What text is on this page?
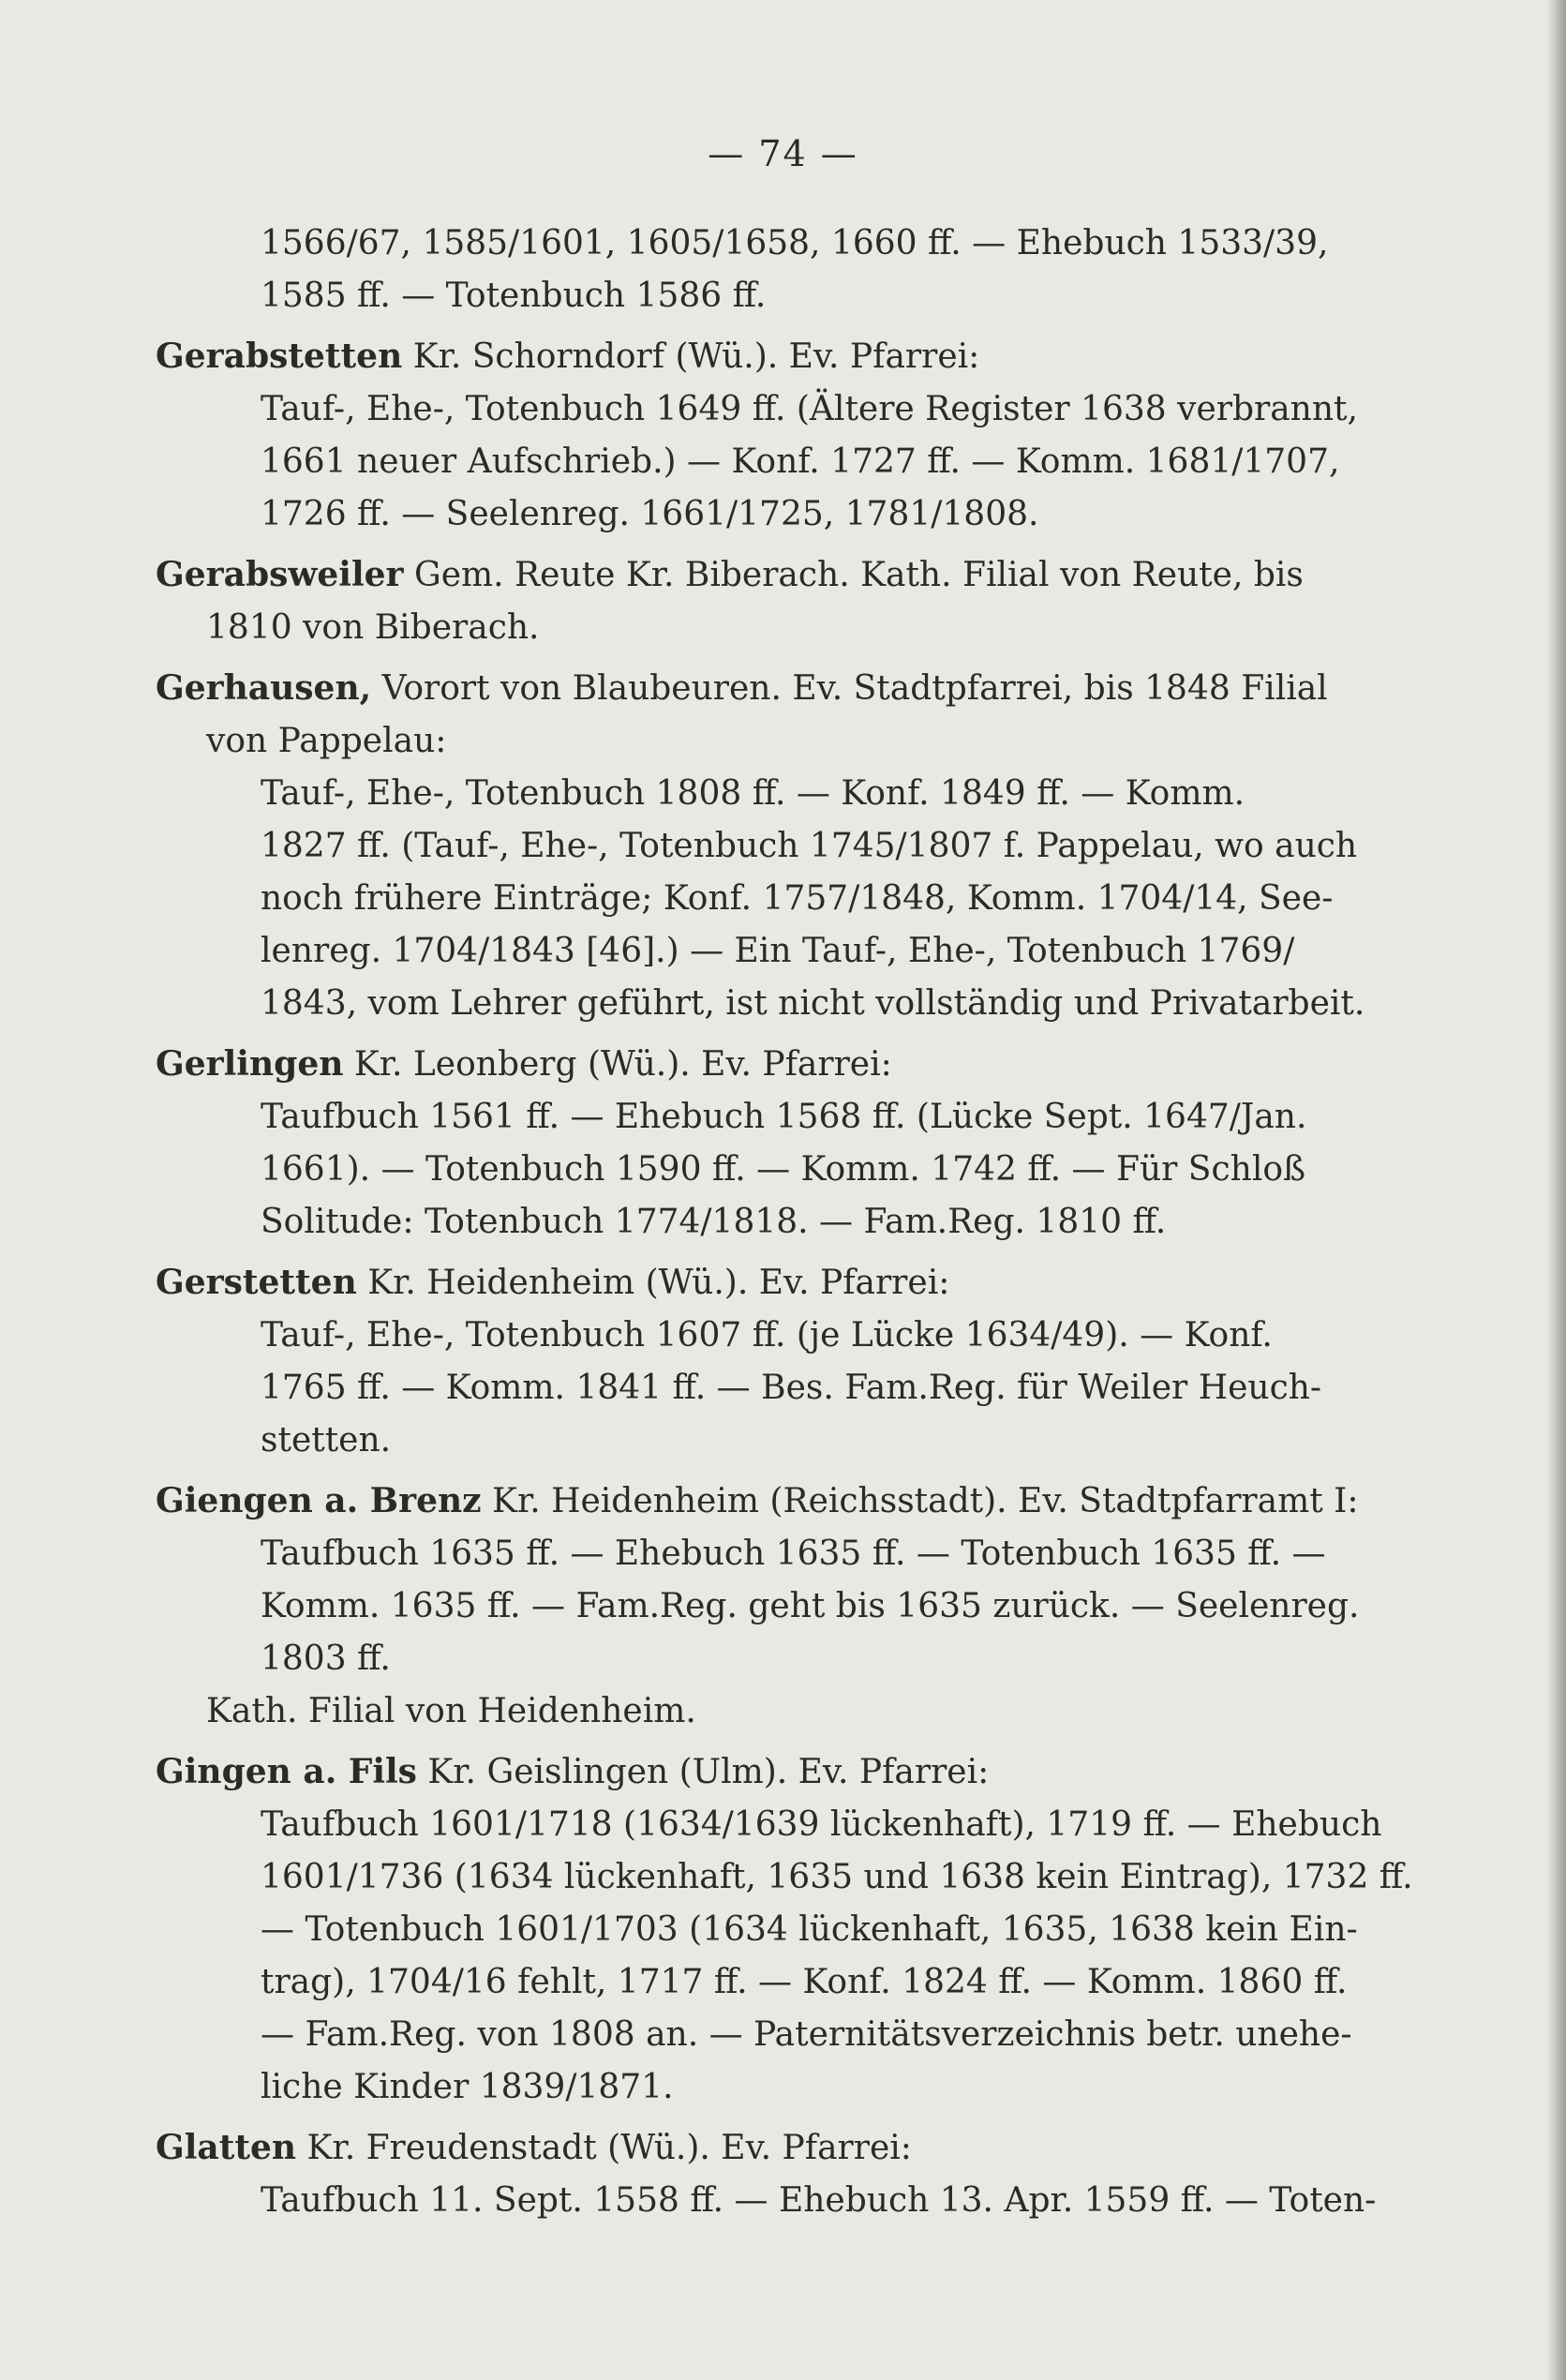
— 74 —
1566/67, 1585/1601, 1605/1658, 1660 ff. — Ehebuch 1533/39,
1585 ff. — Totenbuch 1586 ff.
Gerabstetten Kr. Schorndorf (Wü.). Ev. Pfarrei:
Tauf-, Ehe-, Totenbuch 1649 ff. (Ältere Register 1638 verbrannt,
1661 neuer Aufschrieb.) — Konf. 1727 ff. — Komm. 1681/1707,
1726 ff. — Seelenreg. 1661/1725, 1781/1808.
Gerabsweiler Gem. Reute Kr. Biberach. Kath. Filial von Reute, bis
1810 von Biberach.
Gerhausen, Vorort von Blaubeuren. Ev. Stadtpfarrei, bis 1848 Filial
von Pappelau:
Tauf-, Ehe-, Totenbuch 1808 ff. — Konf. 1849 ff. — Komm.
1827 ff. (Tauf-, Ehe-, Totenbuch 1745/1807 f. Pappelau, wo auch
noch frühere Einträge; Konf. 1757/1848, Komm. 1704/14, See-
lenreg. 1704/1843 [46].) — Ein Tauf-, Ehe-, Totenbuch 1769/
1843, vom Lehrer geführt, ist nicht vollständig und Privatarbeit.
Gerlingen Kr. Leonberg (Wü.). Ev. Pfarrei:
Taufbuch 1561 ff. — Ehebuch 1568 ff. (Lücke Sept. 1647/Jan.
1661). — Totenbuch 1590 ff. — Komm. 1742 ff. — Für Schloß
Solitude: Totenbuch 1774/1818. — Fam.Reg. 1810 ff.
Gerstetten Kr. Heidenheim (Wü.). Ev. Pfarrei:
Tauf-, Ehe-, Totenbuch 1607 ff. (je Lücke 1634/49). — Konf.
1765 ff. — Komm. 1841 ff. — Bes. Fam.Reg. für Weiler Heuch-
stetten.
Giengen a. Brenz Kr. Heidenheim (Reichsstadt). Ev. Stadtpfarramt I:
Taufbuch 1635 ff. — Ehebuch 1635 ff. — Totenbuch 1635 ff. —
Komm. 1635 ff. — Fam.Reg. geht bis 1635 zurück. — Seelenreg.
1803 ff.
Kath. Filial von Heidenheim.
Gingen a. Fils Kr. Geislingen (Ulm). Ev. Pfarrei:
Taufbuch 1601/1718 (1634/1639 lückenhaft), 1719 ff. — Ehebuch
1601/1736 (1634 lückenhaft, 1635 und 1638 kein Eintrag), 1732 ff.
— Totenbuch 1601/1703 (1634 lückenhaft, 1635, 1638 kein Ein-
trag), 1704/16 fehlt, 1717 ff. — Konf. 1824 ff. — Komm. 1860 ff.
— Fam.Reg. von 1808 an. — Paternitätsverzeichnis betr. unehe-
liche Kinder 1839/1871.
Glatten Kr. Freudenstadt (Wü.). Ev. Pfarrei:
Taufbuch 11. Sept. 1558 ff. — Ehebuch 13. Apr. 1559 ff. — Toten-
